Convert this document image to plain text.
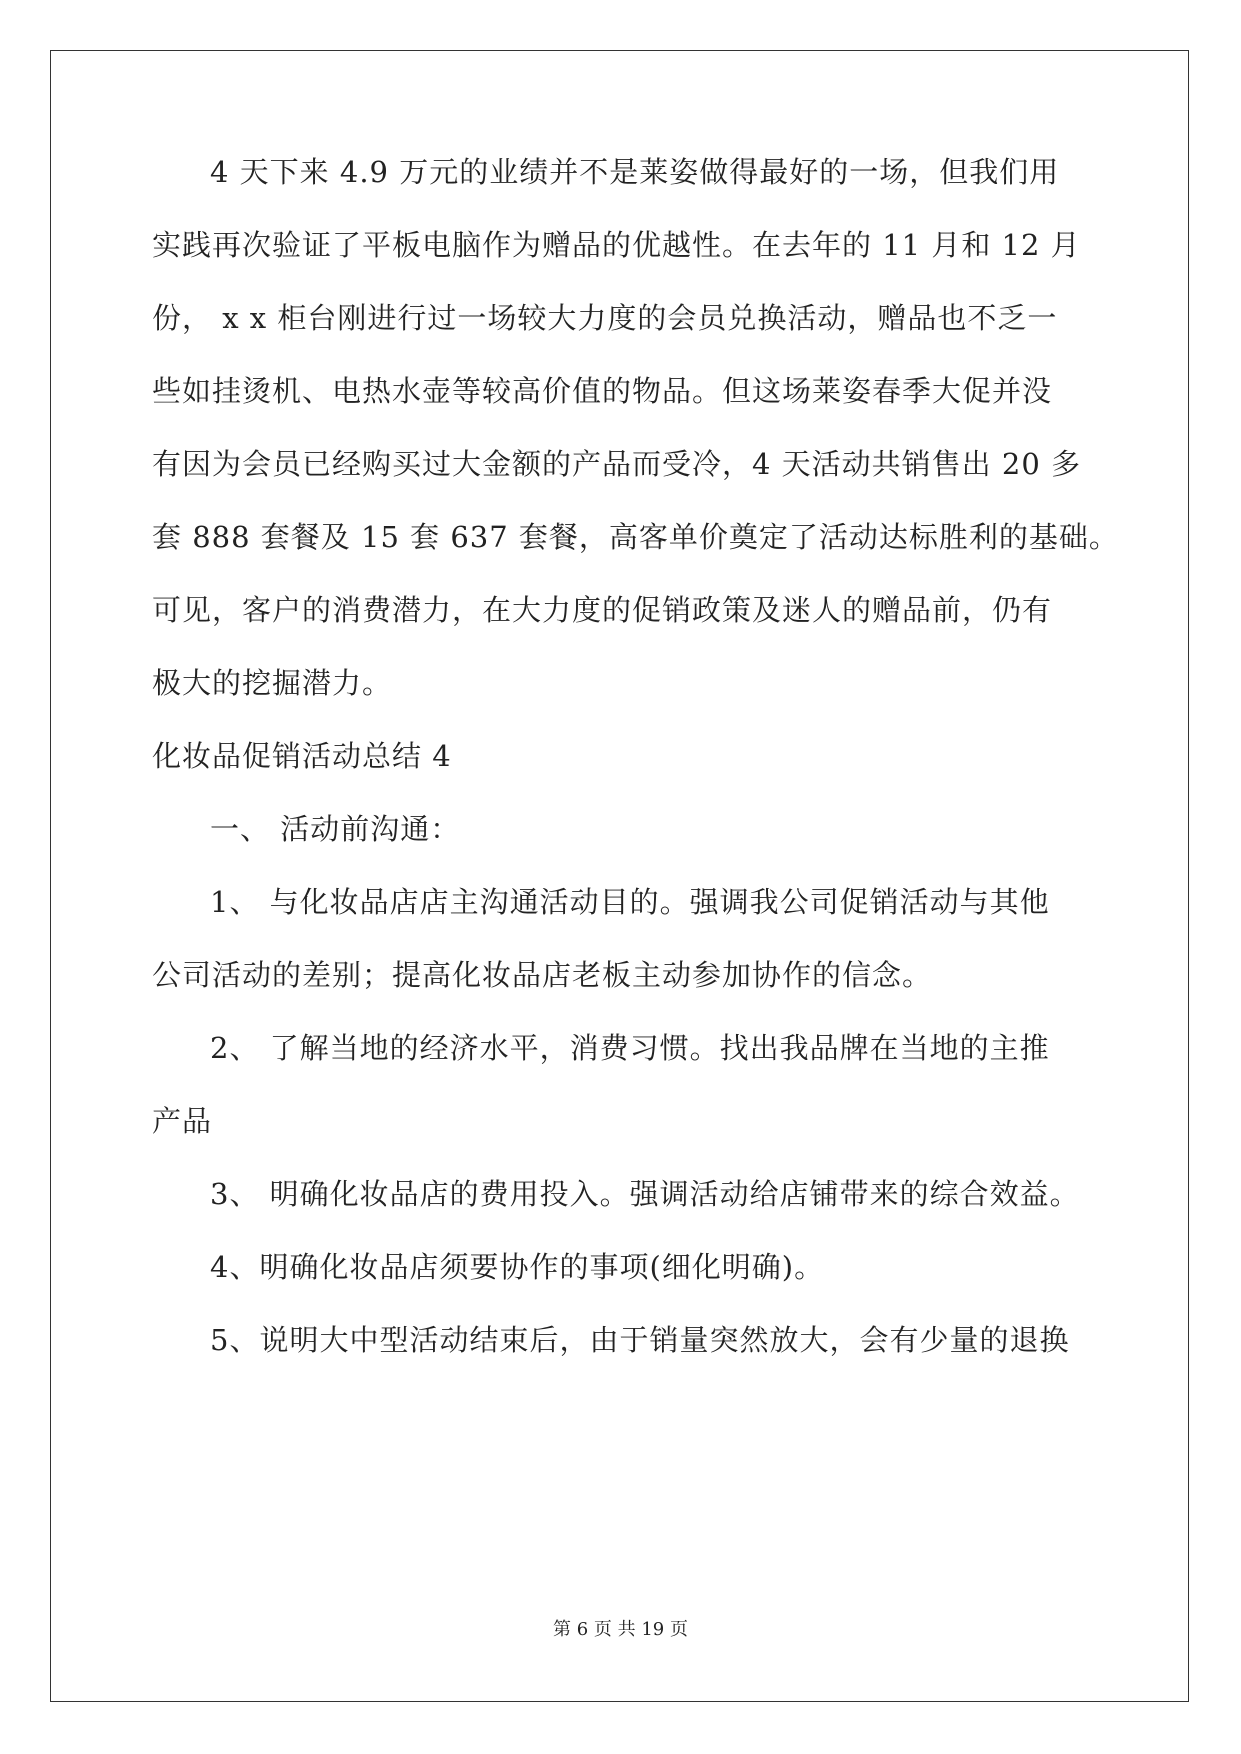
4 天下来 4.9 万元的业绩并不是莱姿做得最好的一场，但我们用

实践再次验证了平板电脑作为赠品的优越性。在去年的 11 月和 12 月

份， x x 柜台刚进行过一场较大力度的会员兑换活动，赠品也不乏一

些如挂烫机、电热水壶等较高价值的物品。但这场莱姿春季大促并没

有因为会员已经购买过大金额的产品而受冷，4 天活动共销售出 20 多

套 888 套餐及 15 套 637 套餐，高客单价奠定了活动达标胜利的基础。

可见，客户的消费潜力，在大力度的促销政策及迷人的赠品前，仍有

极大的挖掘潜力。

化妆品促销活动总结 4

一、 活动前沟通：

1、 与化妆品店店主沟通活动目的。强调我公司促销活动与其他

公司活动的差别；提高化妆品店老板主动参加协作的信念。

2、 了解当地的经济水平，消费习惯。找出我品牌在当地的主推

产品

3、 明确化妆品店的费用投入。强调活动给店铺带来的综合效益。

4、明确化妆品店须要协作的事项(细化明确)。

5、说明大中型活动结束后，由于销量突然放大，会有少量的退换

第 6 页 共 19 页
